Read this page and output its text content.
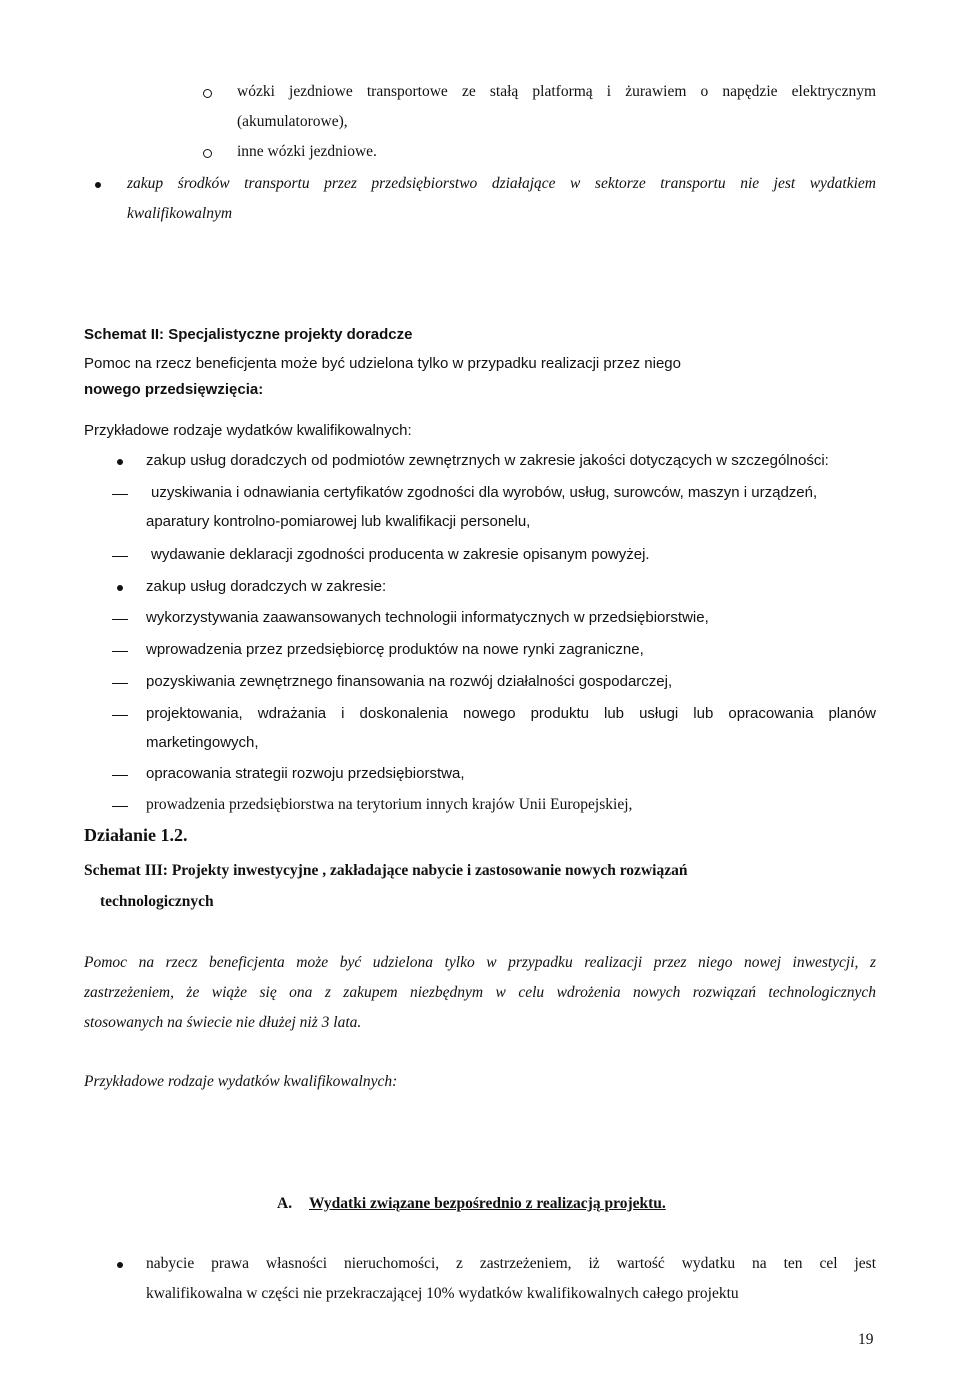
wózki jezdniowe transportowe ze stałą platformą i żurawiem o napędzie elektrycznym
(akumulatorowe),
inne wózki jezdniowe.
zakup środków transportu przez przedsiębiorstwo działające w sektorze transportu nie jest wydatkiem
kwalifikowalnym
Schemat II: Specjalistyczne projekty doradcze
Pomoc na rzecz beneficjenta może być udzielona tylko w przypadku realizacji przez niego
nowego przedsięwzięcia:
Przykładowe rodzaje wydatków kwalifikowalnych:
zakup usług doradczych od podmiotów zewnętrznych w zakresie jakości dotyczących w szczególności:
uzyskiwania i odnawiania certyfikatów zgodności dla wyrobów, usług, surowców, maszyn i urządzeń,
aparatury kontrolno-pomiarowej lub kwalifikacji personelu,
wydawanie deklaracji zgodności producenta w zakresie opisanym powyżej.
zakup usług doradczych w zakresie:
wykorzystywania zaawansowanych technologii informatycznych w przedsiębiorstwie,
wprowadzenia przez przedsiębiorcę produktów na nowe rynki zagraniczne,
pozyskiwania zewnętrznego finansowania na rozwój działalności gospodarczej,
projektowania, wdrażania i doskonalenia nowego produktu lub usługi lub opracowania planów
marketingowych,
opracowania strategii rozwoju przedsiębiorstwa,
prowadzenia przedsiębiorstwa na terytorium innych krajów Unii Europejskiej,
Działanie 1.2.
Schemat III: Projekty inwestycyjne , zakładające nabycie i zastosowanie nowych rozwiązań
technologicznych
Pomoc na rzecz beneficjenta może być udzielona tylko w przypadku realizacji przez niego nowej inwestycji, z
zastrzeżeniem, że wiąże się ona z zakupem niezbędnym w celu wdrożenia nowych rozwiązań technologicznych
stosowanych na świecie nie dłużej niż 3 lata.
Przykładowe rodzaje wydatków kwalifikowalnych:
A. Wydatki związane bezpośrednio z realizacją projektu.
nabycie prawa własności nieruchomości, z zastrzeżeniem, iż wartość wydatku na ten cel jest
kwalifikowalna w części nie przekraczającej 10% wydatków kwalifikowalnych całego projektu
19
